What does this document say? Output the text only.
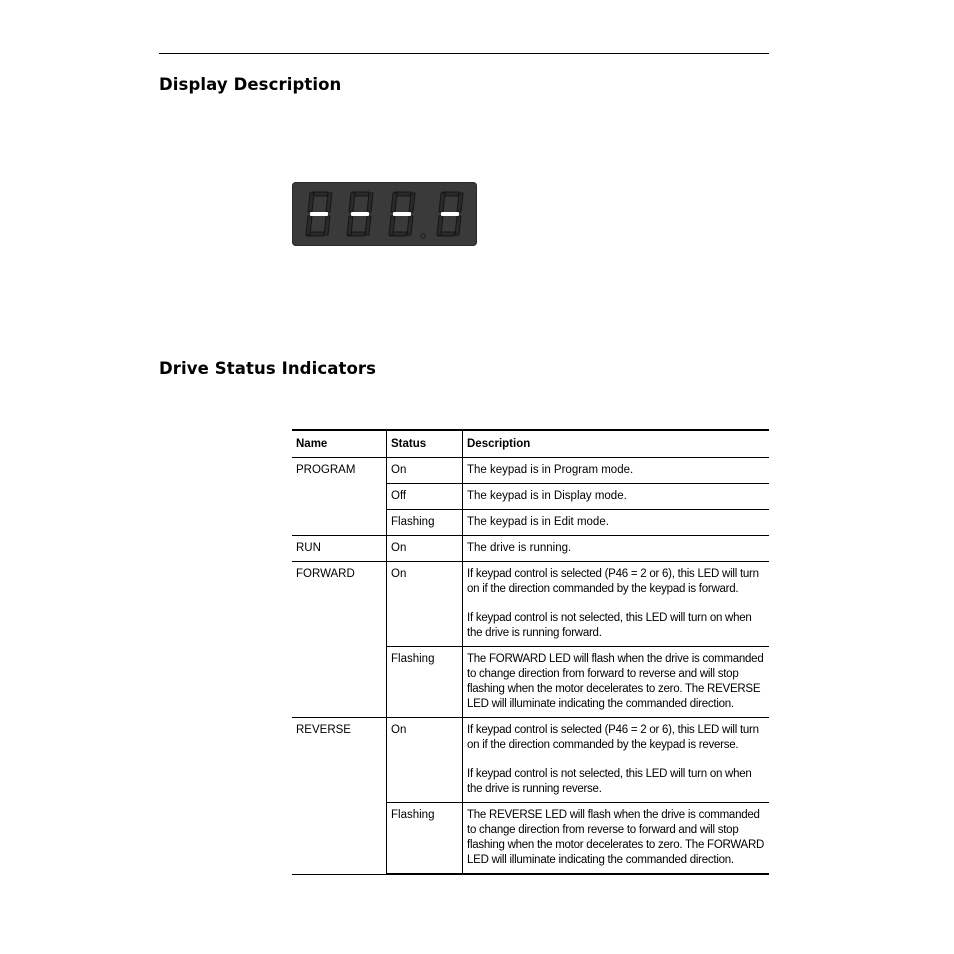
Display Description
Drive Status Indicators
Name	Status	Description
PROGRAM	On	The keypad is in Program mode.

	Off	The keypad is in Display mode.

	Flashing	The keypad is in Edit mode.

RUN	On	The drive is running.

FORWARD	On	If keypad control is selected (P46 = 2 or 6), this LED will turn on if the direction commanded by the keypad is forward.

If keypad control is not selected, this LED will turn on when the drive is running forward.

	Flashing	The FORWARD LED will flash when the drive is commanded to change direction from forward to reverse and will stop flashing when the motor decelerates to zero. The REVERSE LED will illuminate indicating the commanded direction.

REVERSE	On	If keypad control is selected (P46 = 2 or 6), this LED will turn on if the direction commanded by the keypad is reverse.

If keypad control is not selected, this LED will turn on when the drive is running reverse.

	Flashing	The REVERSE LED will flash when the drive is commanded to change direction from reverse to forward and will stop flashing when the motor decelerates to zero. The FORWARD LED will illuminate indicating the commanded direction.
